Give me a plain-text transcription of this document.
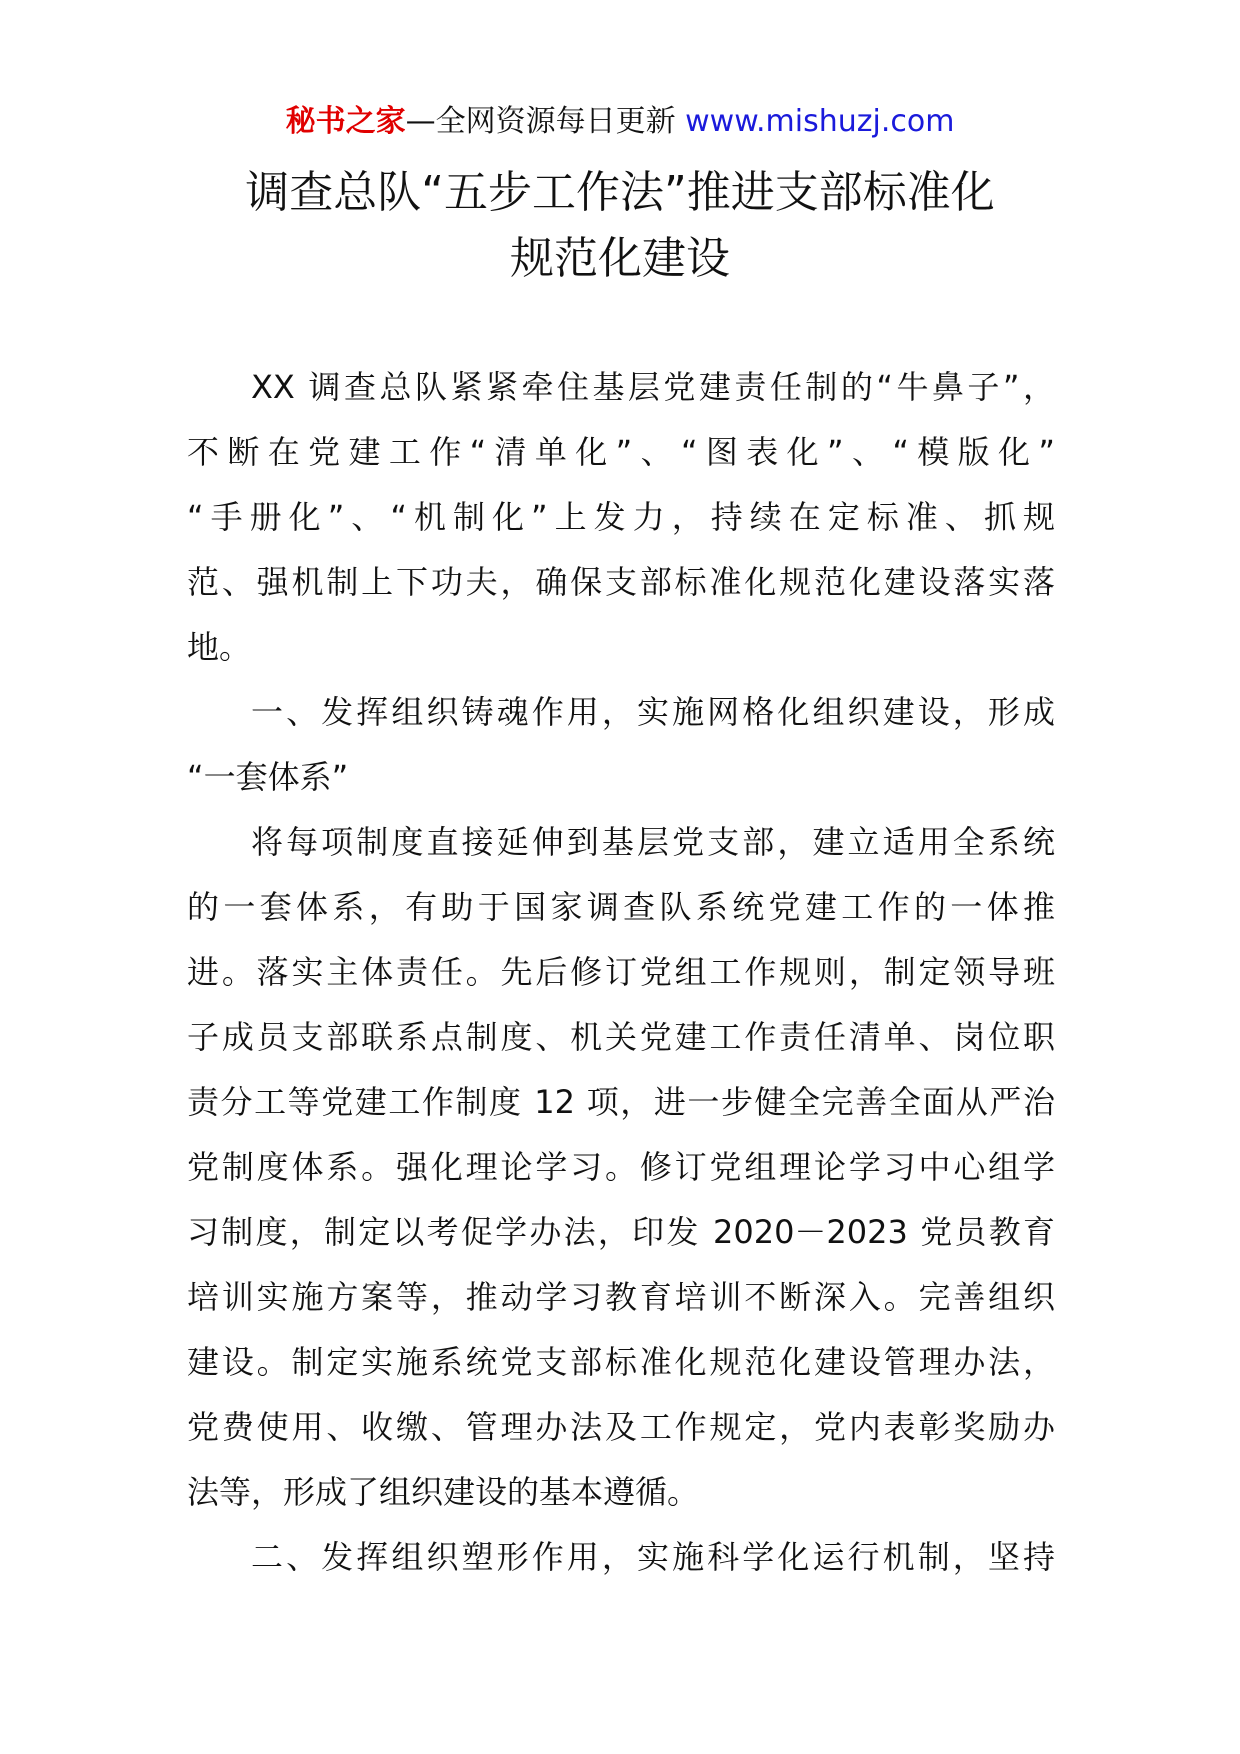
秘书之家—全网资源每日更新 www.mishuzj.com
调查总队“五步工作法”推进支部标准化
规范化建设
XX 调查总队紧紧牵住基层党建责任制的“牛鼻子”，
不断在党建工作“清单化”、“图表化”、“模版化”
“手册化”、“机制化”上发力，持续在定标准、抓规
范、强机制上下功夫，确保支部标准化规范化建设落实落
地。
一、发挥组织铸魂作用，实施网格化组织建设，形成
“一套体系”
将每项制度直接延伸到基层党支部，建立适用全系统
的一套体系，有助于国家调查队系统党建工作的一体推
进。落实主体责任。先后修订党组工作规则，制定领导班
子成员支部联系点制度、机关党建工作责任清单、岗位职
责分工等党建工作制度 12 项，进一步健全完善全面从严治
党制度体系。强化理论学习。修订党组理论学习中心组学
习制度，制定以考促学办法，印发 2020－2023 党员教育
培训实施方案等，推动学习教育培训不断深入。完善组织
建设。制定实施系统党支部标准化规范化建设管理办法，
党费使用、收缴、管理办法及工作规定，党内表彰奖励办
法等，形成了组织建设的基本遵循。
二、发挥组织塑形作用，实施科学化运行机制，坚持
